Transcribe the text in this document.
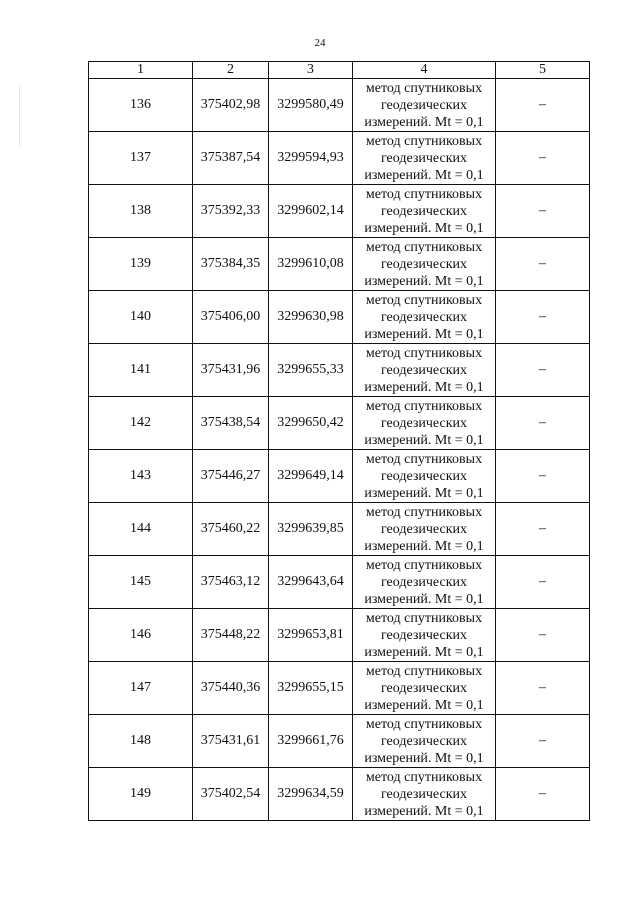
24
1	2	3	4	5
136	375402,98	3299580,49	метод спутниковых
геодезических
измерений. Mt = 0,1	–
137	375387,54	3299594,93	метод спутниковых
геодезических
измерений. Mt = 0,1	–
138	375392,33	3299602,14	метод спутниковых
геодезических
измерений. Mt = 0,1	–
139	375384,35	3299610,08	метод спутниковых
геодезических
измерений. Mt = 0,1	–
140	375406,00	3299630,98	метод спутниковых
геодезических
измерений. Mt = 0,1	–
141	375431,96	3299655,33	метод спутниковых
геодезических
измерений. Mt = 0,1	–
142	375438,54	3299650,42	метод спутниковых
геодезических
измерений. Mt = 0,1	–
143	375446,27	3299649,14	метод спутниковых
геодезических
измерений. Mt = 0,1	–
144	375460,22	3299639,85	метод спутниковых
геодезических
измерений. Mt = 0,1	–
145	375463,12	3299643,64	метод спутниковых
геодезических
измерений. Mt = 0,1	–
146	375448,22	3299653,81	метод спутниковых
геодезических
измерений. Mt = 0,1	–
147	375440,36	3299655,15	метод спутниковых
геодезических
измерений. Mt = 0,1	–
148	375431,61	3299661,76	метод спутниковых
геодезических
измерений. Mt = 0,1	–
149	375402,54	3299634,59	метод спутниковых
геодезических
измерений. Mt = 0,1	–
